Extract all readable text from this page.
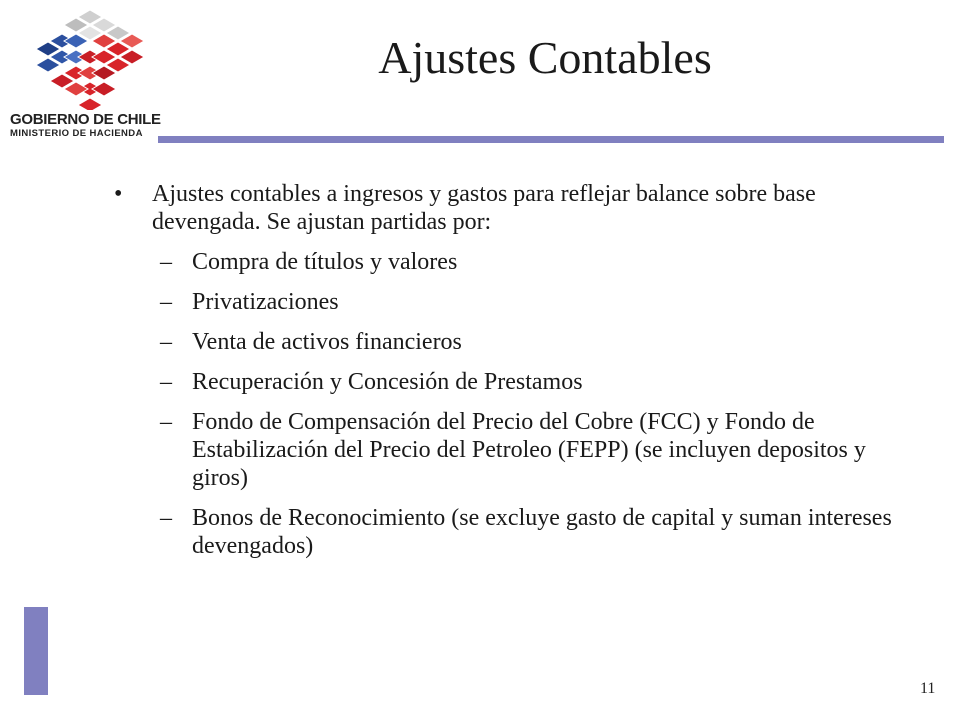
GOBIERNO DE CHILE
MINISTERIO DE HACIENDA
Ajustes Contables

• Ajustes contables a ingresos y gastos para reflejar balance sobre base devengada. Se ajustan partidas por:

– Compra de títulos y valores
– Privatizaciones
– Venta de activos financieros
– Recuperación y Concesión de Prestamos
– Fondo de Compensación del Precio del Cobre (FCC) y Fondo de Estabilización del Precio del Petroleo (FEPP) (se incluyen depositos y giros)
– Bonos de Reconocimiento (se excluye gasto de capital y suman intereses devengados)
11
